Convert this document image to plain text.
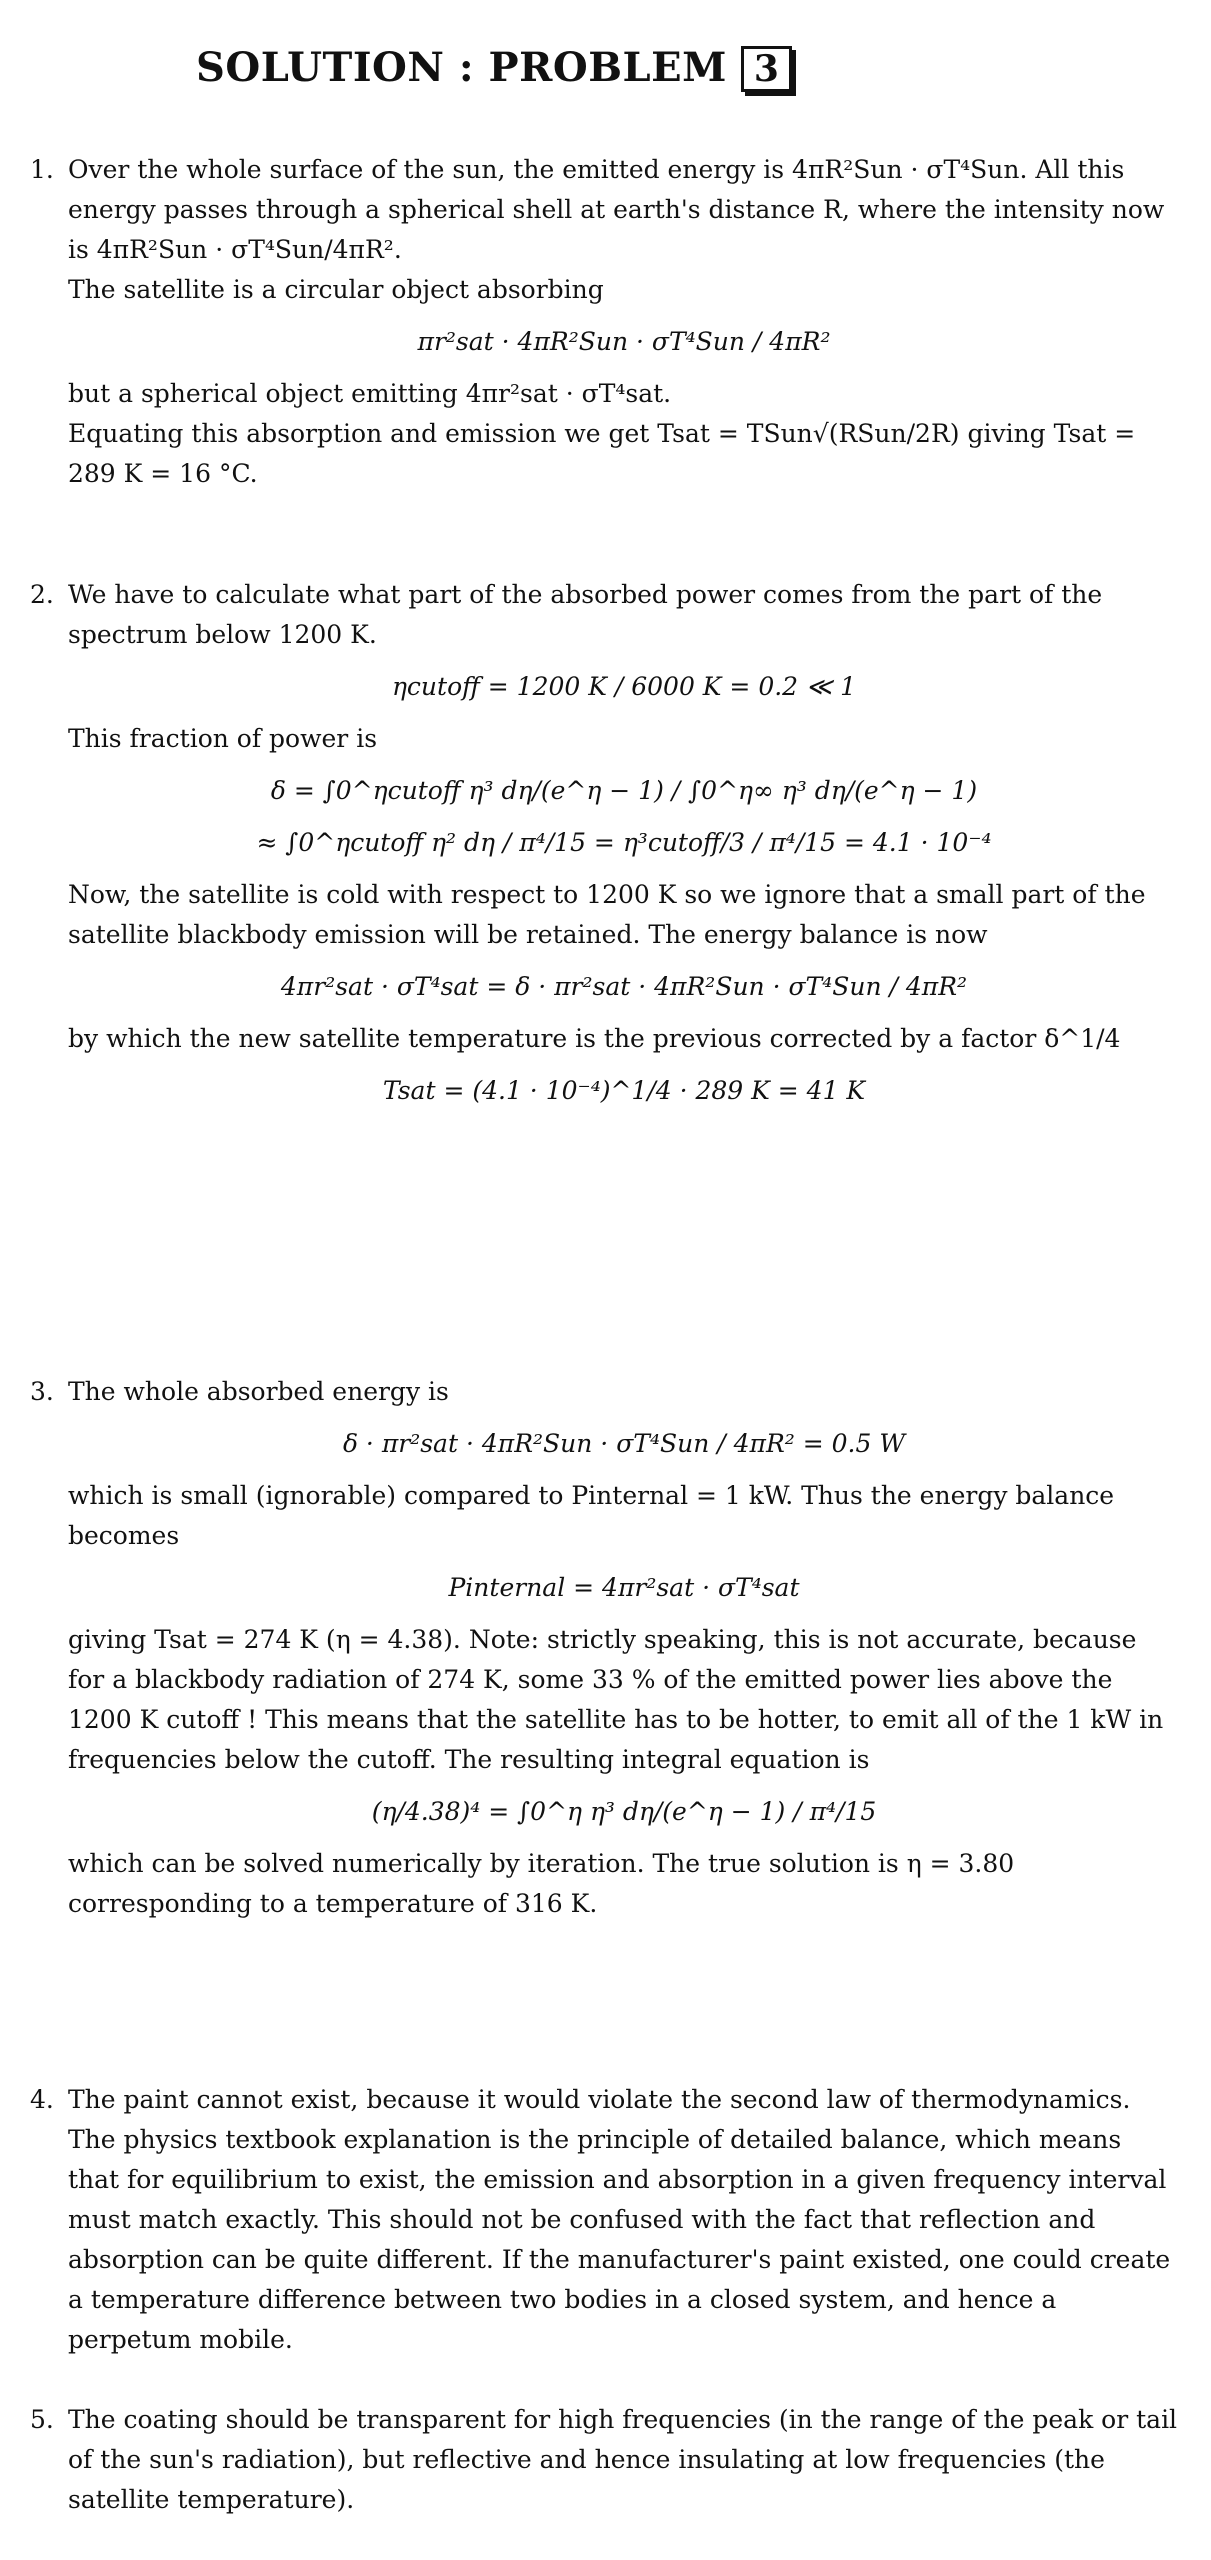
SOLUTION : PROBLEM 3
1. Over the whole surface of the sun, the emitted energy is 4πR²Sun · σT⁴Sun. All this energy passes through a spherical shell at earth's distance R, where the intensity now is 4πR²Sun · σT⁴Sun/4πR².

The satellite is a circular object absorbing

πr²sat · 4πR²Sun · σT⁴Sun / 4πR²

but a spherical object emitting 4πr²sat · σT⁴sat.

Equating this absorption and emission we get Tsat = TSun√(RSun/2R) giving Tsat = 289 K = 16 °C.

2. We have to calculate what part of the absorbed power comes from the part of the spectrum below 1200 K.

ηcutoff = 1200 K / 6000 K = 0.2 ≪ 1

This fraction of power is

δ = ∫0^ηcutoff η³ dη/(e^η − 1) / ∫0^η∞ η³ dη/(e^η − 1)
≈ ∫0^ηcutoff η² dη / π⁴/15 = η³cutoff/3 / π⁴/15 = 4.1 · 10⁻⁴

Now, the satellite is cold with respect to 1200 K so we ignore that a small part of the satellite blackbody emission will be retained. The energy balance is now

4πr²sat · σT⁴sat = δ · πr²sat · 4πR²Sun · σT⁴Sun / 4πR²

by which the new satellite temperature is the previous corrected by a factor δ^1/4

Tsat = (4.1 · 10⁻⁴)^1/4 · 289 K = 41 K
3. The whole absorbed energy is

δ · πr²sat · 4πR²Sun · σT⁴Sun / 4πR² = 0.5 W

which is small (ignorable) compared to Pinternal = 1 kW. Thus the energy balance becomes

Pinternal = 4πr²sat · σT⁴sat

giving Tsat = 274 K (η = 4.38). Note: strictly speaking, this is not accurate, because for a blackbody radiation of 274 K, some 33 % of the emitted power lies above the 1200 K cutoff ! This means that the satellite has to be hotter, to emit all of the 1 kW in frequencies below the cutoff. The resulting integral equation is

(η/4.38)⁴ = ∫0^η η³ dη/(e^η − 1) / π⁴/15

which can be solved numerically by iteration. The true solution is η = 3.80 corresponding to a temperature of 316 K.

4. The paint cannot exist, because it would violate the second law of thermodynamics. The physics textbook explanation is the principle of detailed balance, which means that for equilibrium to exist, the emission and absorption in a given frequency interval must match exactly. This should not be confused with the fact that reflection and absorption can be quite different. If the manufacturer's paint existed, one could create a temperature difference between two bodies in a closed system, and hence a perpetum mobile.

5. The coating should be transparent for high frequencies (in the range of the peak or tail of the sun's radiation), but reflective and hence insulating at low frequencies (the satellite temperature).
